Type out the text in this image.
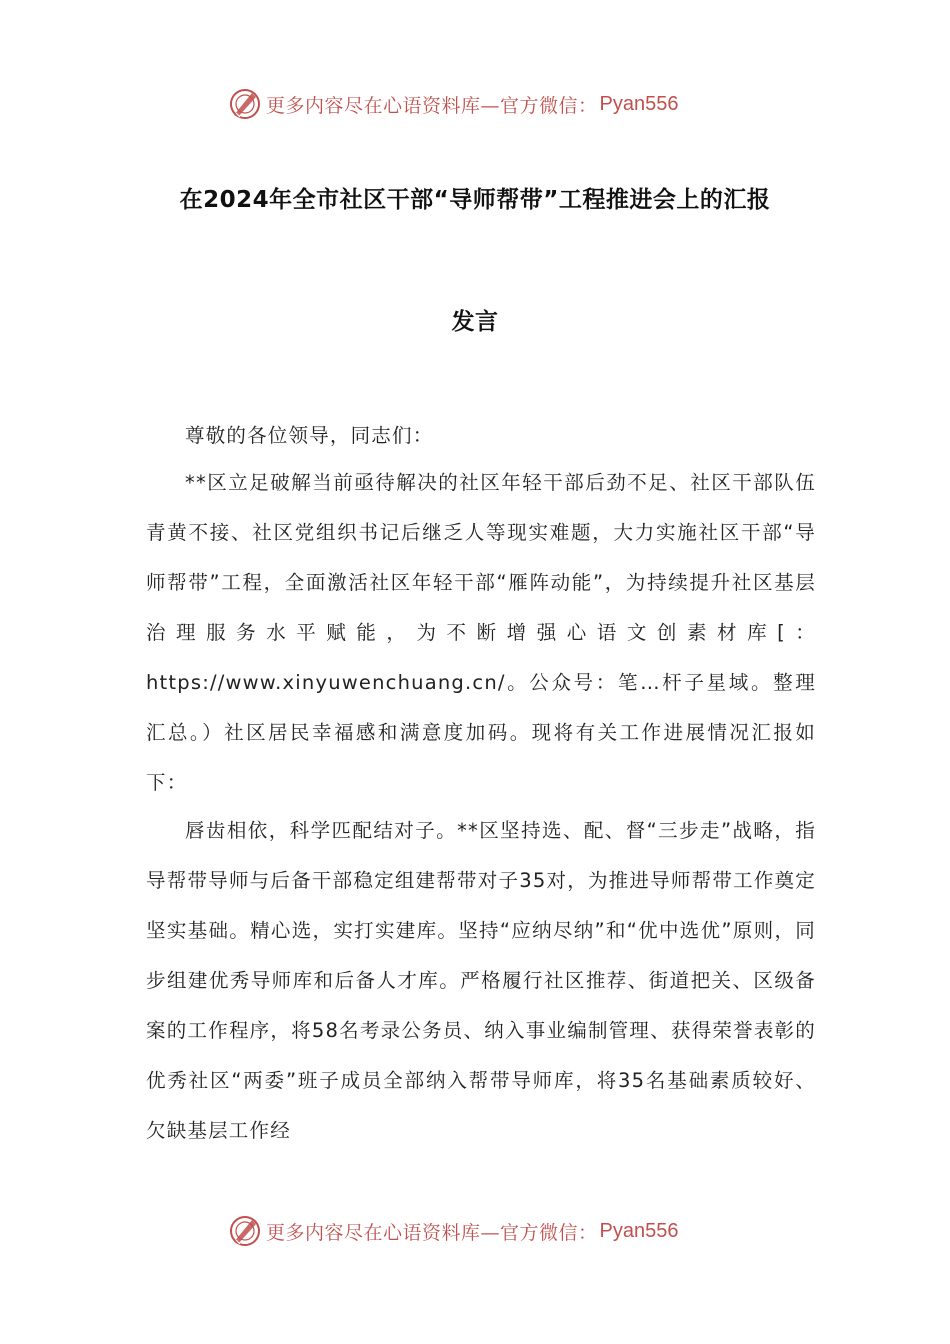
更多内容尽在心语资料库—官方微信： Pyan556
在2024年全市社区干部“导师帮带”工程推进会上的汇报
发言

尊敬的各位领导，同志们：

**区立足破解当前亟待解决的社区年轻干部后劲不足、社区干部队伍青黄不接、社区党组织书记后继乏人等现实难题，大力实施社区干部“导师帮带”工程，全面激活社区年轻干部“雁阵动能”，为持续提升社区基层治理服务水平赋能，为不断增强心语文创素材库[：https://www.xinyuwenchuang.cn/。公众号：笔…杆子星域。整理汇总。）社区居民幸福感和满意度加码。现将有关工作进展情况汇报如下：

唇齿相依，科学匹配结对子。**区坚持选、配、督“三步走”战略，指导帮带导师与后备干部稳定组建帮带对子35对，为推进导师帮带工作奠定坚实基础。精心选，实打实建库。坚持“应纳尽纳”和“优中选优”原则，同步组建优秀导师库和后备人才库。严格履行社区推荐、街道把关、区级备案的工作程序，将58名考录公务员、纳入事业编制管理、获得荣誉表彰的优秀社区“两委”班子成员全部纳入帮带导师库，将35名基础素质较好、欠缺基层工作经

更多内容尽在心语资料库—官方微信： Pyan556
